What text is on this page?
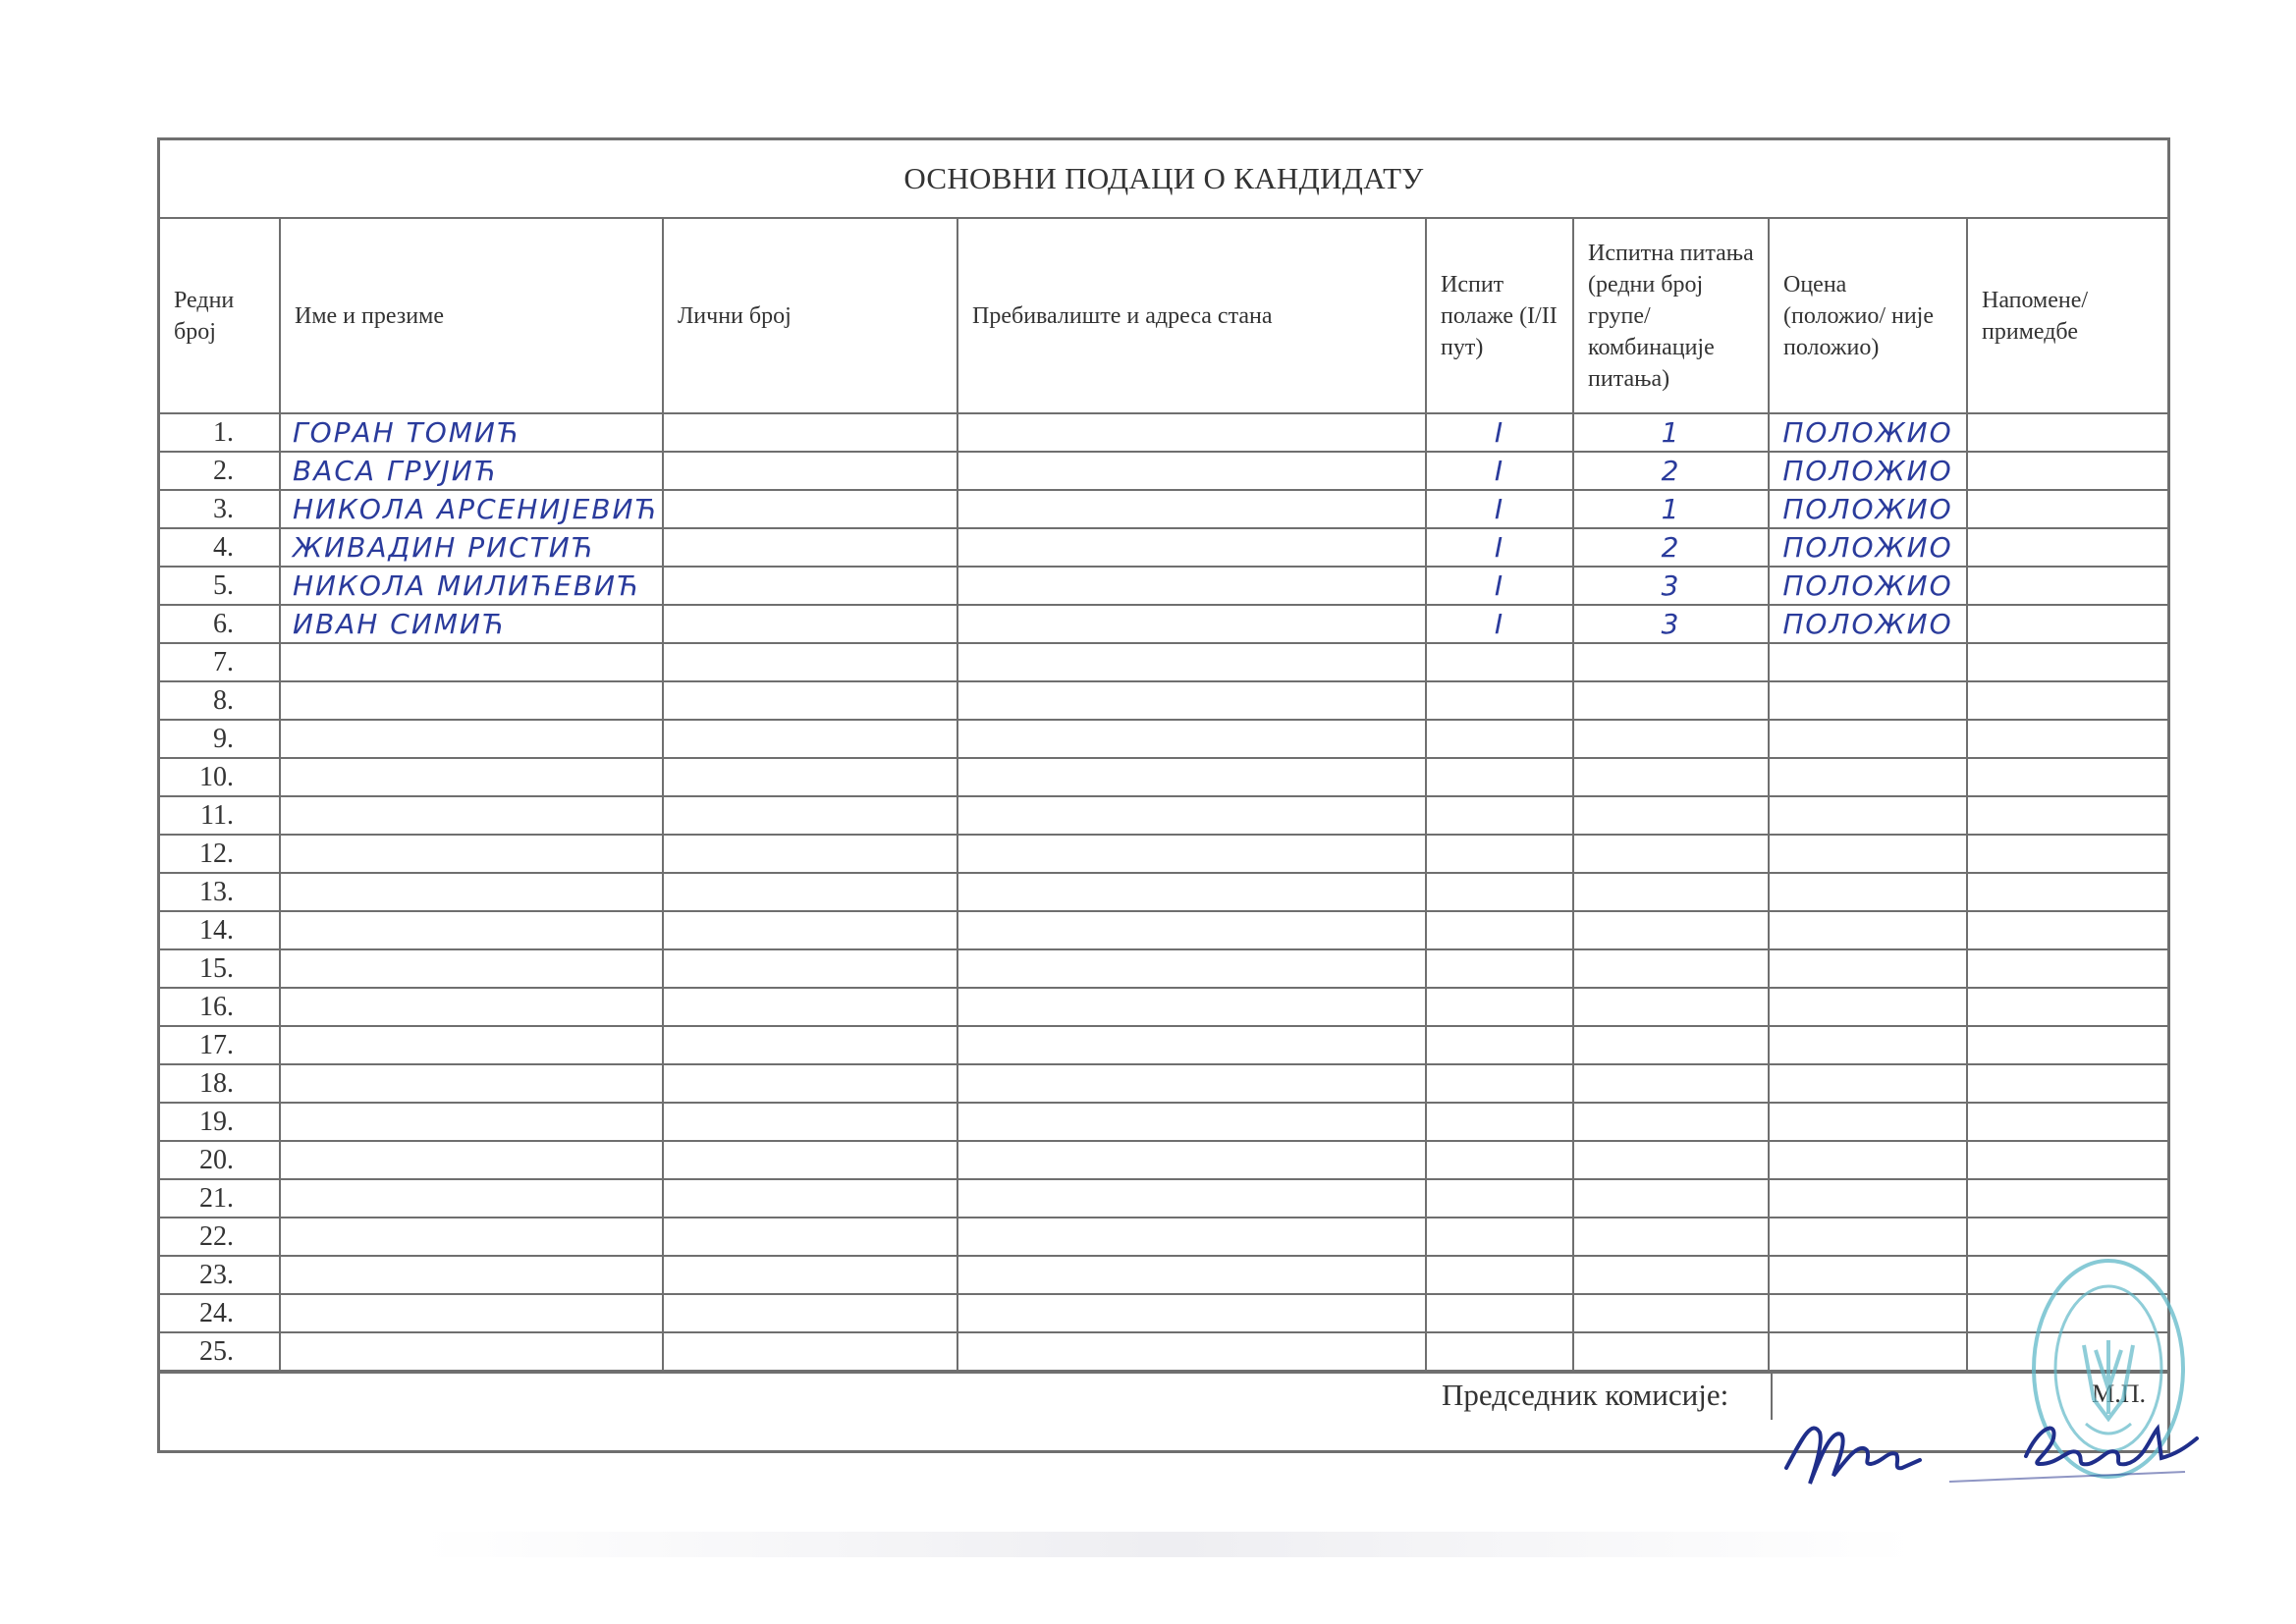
ОСНОВНИ ПОДАЦИ О КАНДИДАТУ
Редни број	Име и презиме	Лични број	Пребивалиште и адреса стана	Испит полаже (I/II пут)	Испитна питања (редни број групе/ комбинације питања)	Оцена (положио/ није положио)	Напомене/ примедбе
1.	ГОРАН ТОМИЋ			I	1	ПОЛОЖИО	
2.	ВАСА ГРУЈИЋ			I	2	ПОЛОЖИО	
3.	НИКОЛА АРСЕНИЈЕВИЋ			I	1	ПОЛОЖИО	
4.	ЖИВАДИН РИСТИЋ			I	2	ПОЛОЖИО	
5.	НИКОЛА МИЛИЋЕВИЋ			I	3	ПОЛОЖИО	
6.	ИВАН СИМИЋ			I	3	ПОЛОЖИО	
7.							
8.							
9.							
10.							
11.							
12.							
13.							
14.							
15.							
16.							
17.							
18.							
19.							
20.							
21.							
22.							
23.							
24.							
25.							
Председник комисије:	М.П.
